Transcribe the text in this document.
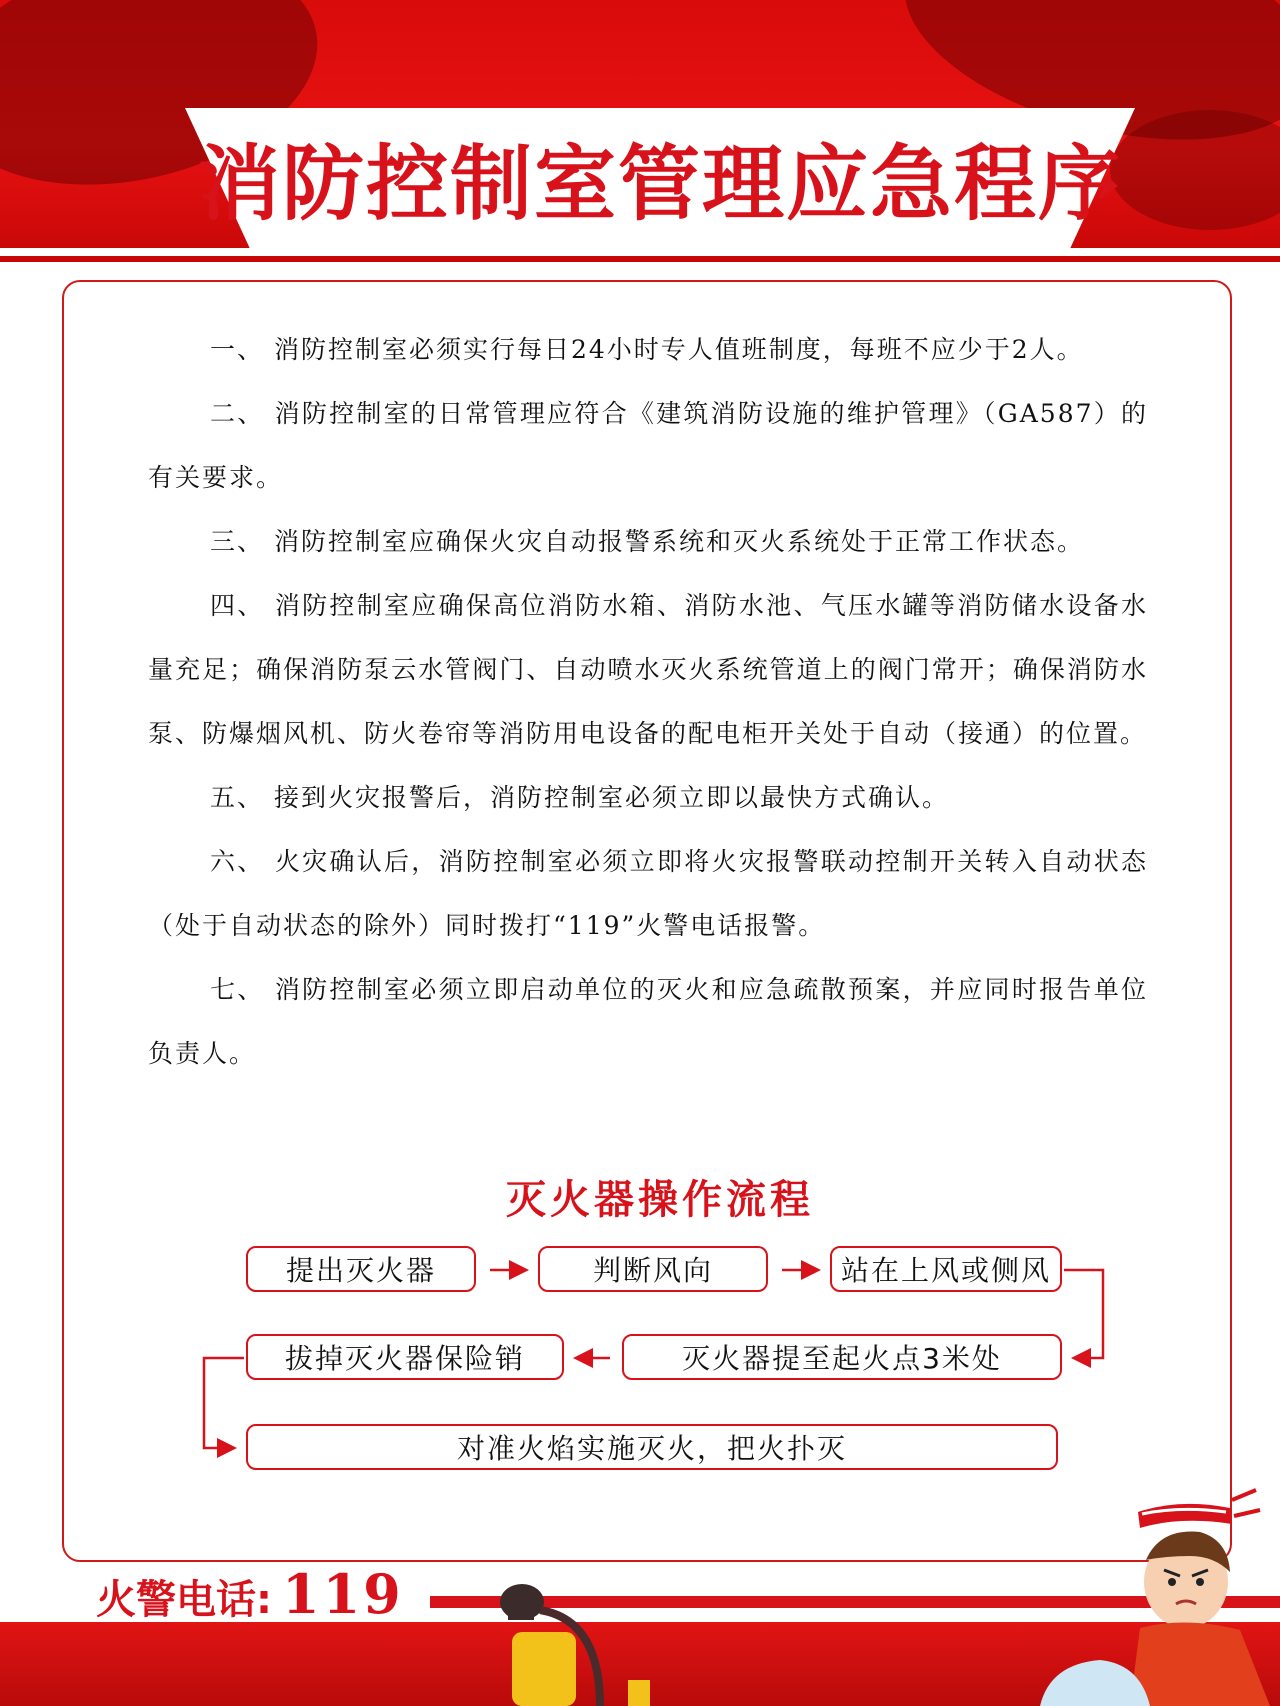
消防控制室管理应急程序

一、 消防控制室必须实行每日24小时专人值班制度，每班不应少于2人。

二、 消防控制室的日常管理应符合《建筑消防设施的维护管理》（GA587）的有关要求。

三、 消防控制室应确保火灾自动报警系统和灭火系统处于正常工作状态。

四、 消防控制室应确保高位消防水箱、消防水池、气压水罐等消防储水设备水量充足；确保消防泵云水管阀门、自动喷水灭火系统管道上的阀门常开；确保消防水泵、防爆烟风机、防火卷帘等消防用电设备的配电柜开关处于自动（接通）的位置。

五、 接到火灾报警后，消防控制室必须立即以最快方式确认。

六、 火灾确认后，消防控制室必须立即将火灾报警联动控制开关转入自动状态（处于自动状态的除外）同时拨打“119”火警电话报警。

七、 消防控制室必须立即启动单位的灭火和应急疏散预案，并应同时报告单位负责人。

灭火器操作流程
提出灭火器	判断风向	站在上风或侧风
灭火器提至起火点3米处
拔掉灭火器保险销
对准火焰实施灭火，把火扑灭
火警电话: 119
